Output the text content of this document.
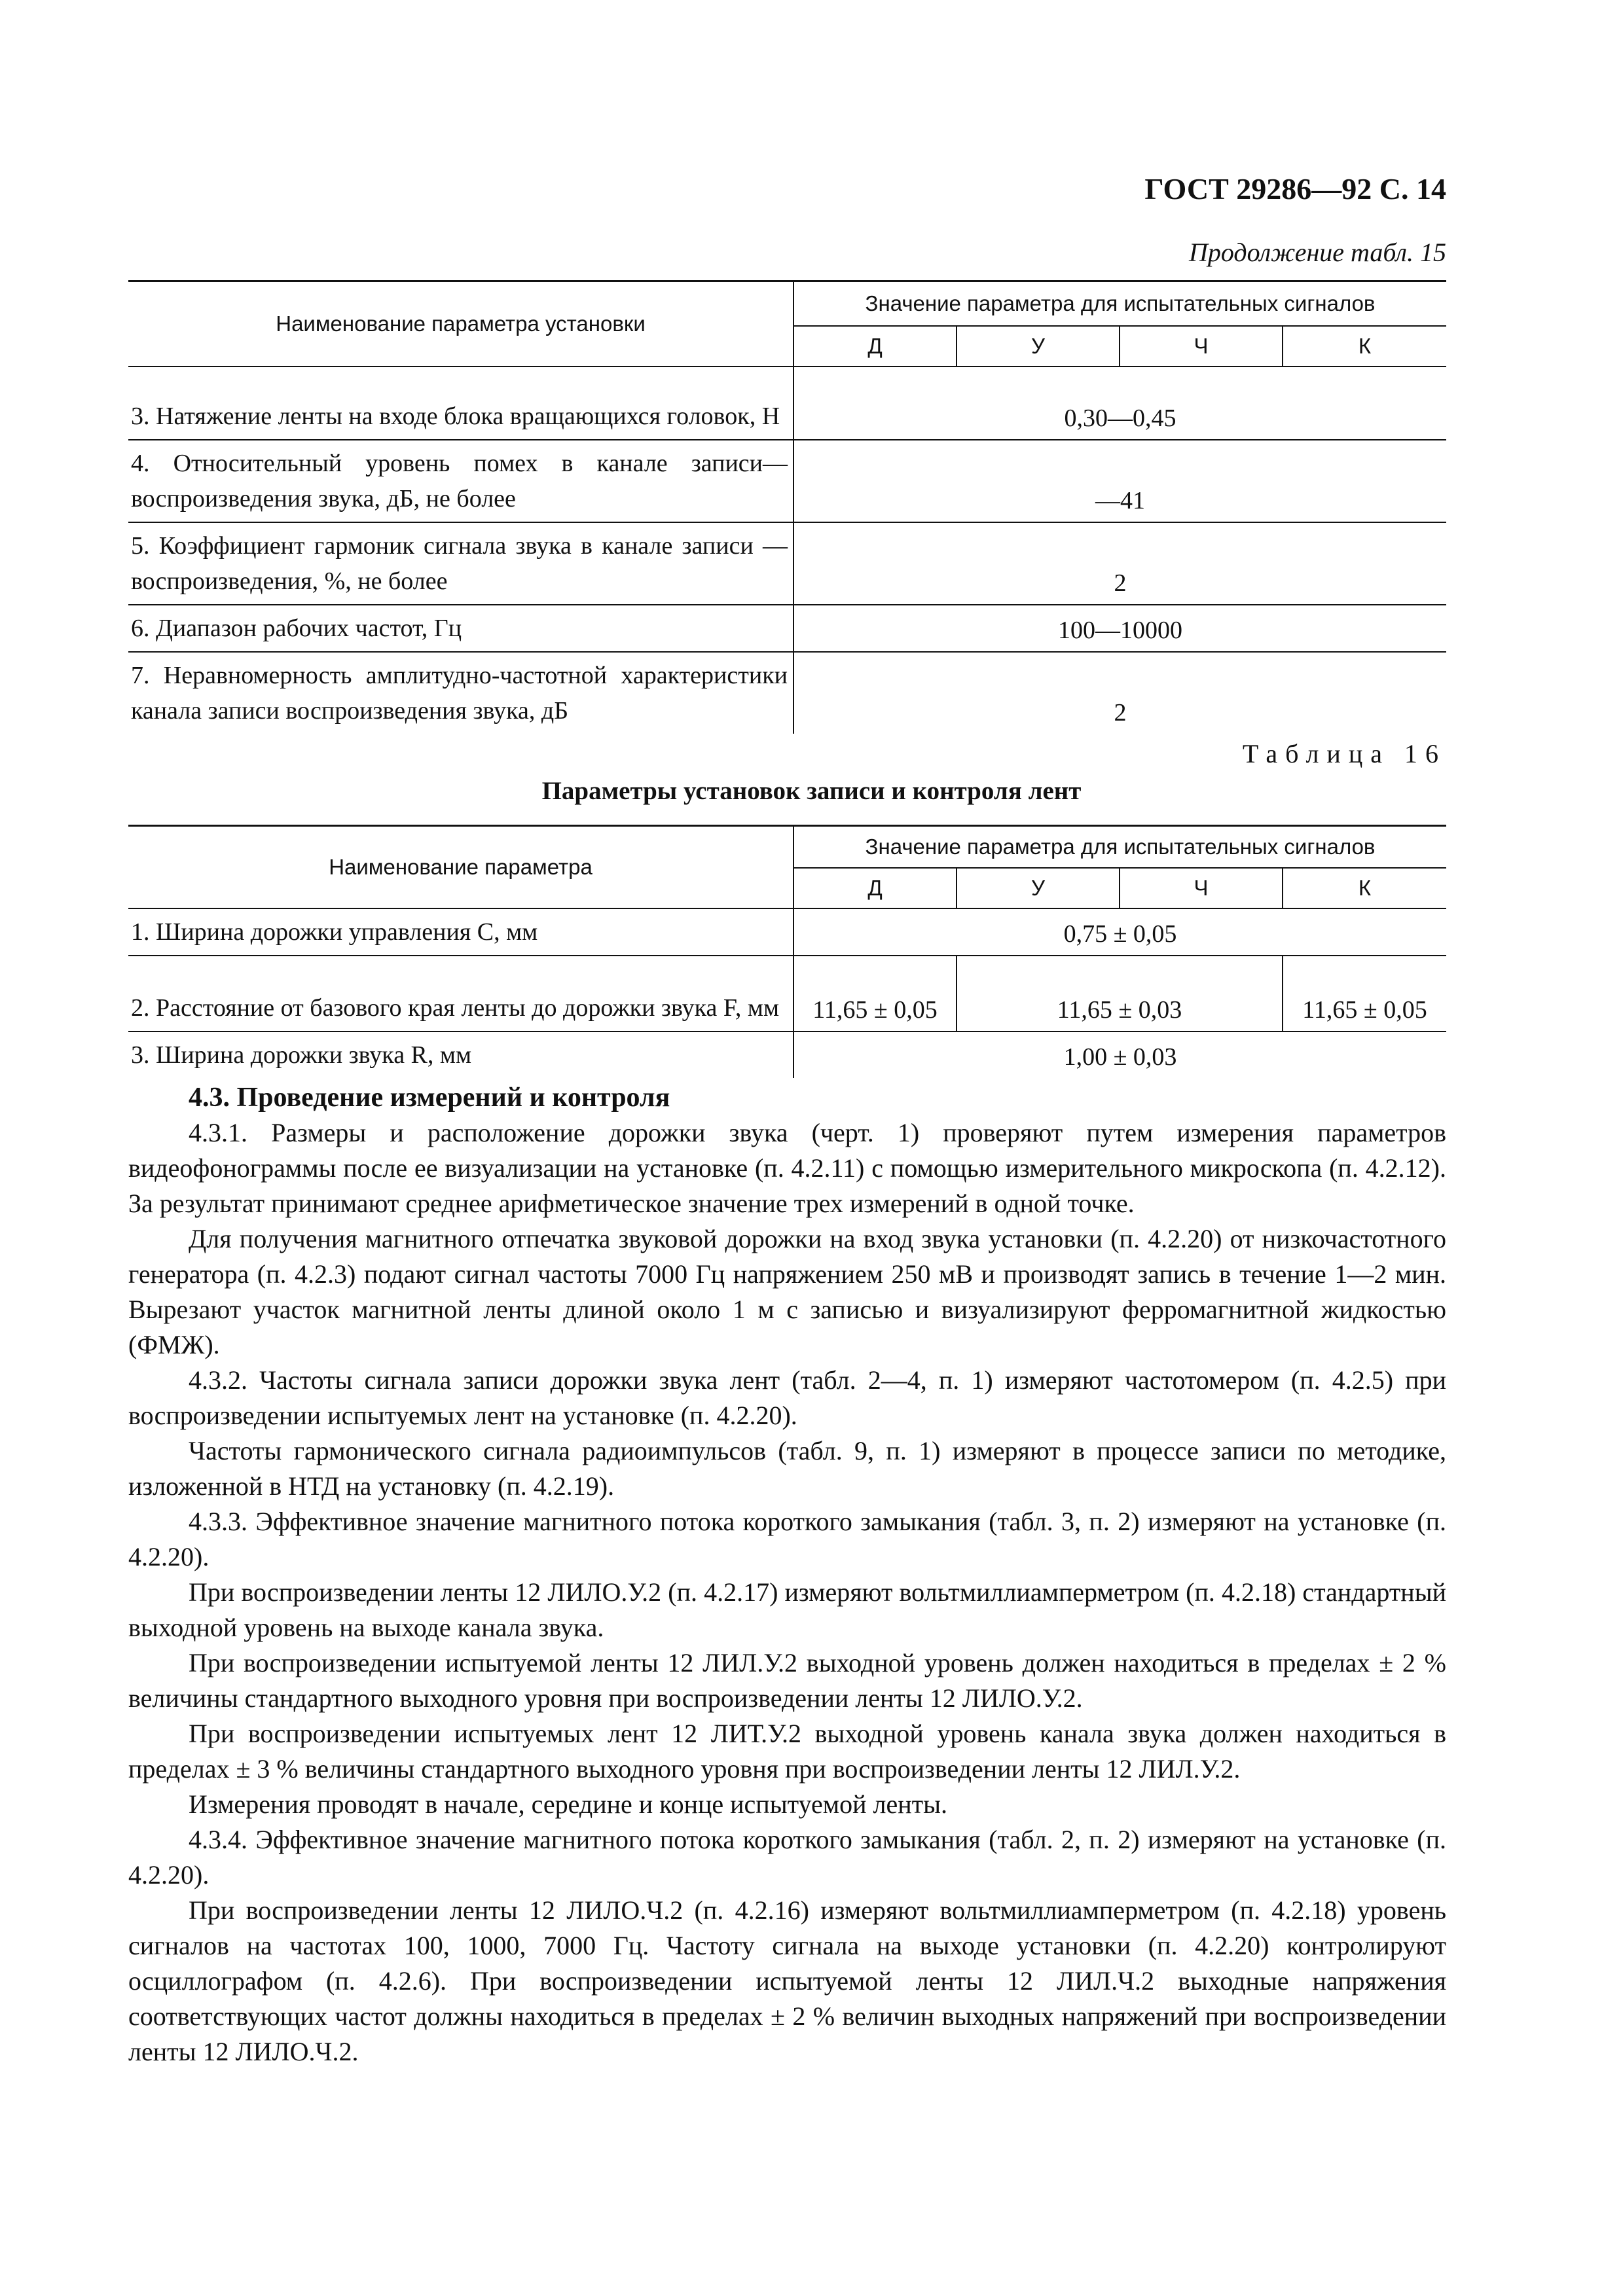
ГОСТ 29286—92 С. 14
Продолжение табл. 15
Наименование параметра установки	Значение параметра для испытательных сигналов			
	Д	У	Ч	К
3. Натяжение ленты на входе блока вращающихся головок, Н	0,30—0,45			
4. Относительный уровень помех в канале записи— воспроизведения звука, дБ, не более	—41			
5. Коэффициент гармоник сигнала звука в канале записи — воспроизведения, %, не более	2			
6. Диапазон рабочих частот, Гц	100—10000			
7. Неравномерность амплитудно-частотной характеристики канала записи воспроизведения звука, дБ	2			
Таблица 16
Параметры установок записи и контроля лент
Наименование параметра	Значение параметра для испытательных сигналов			
	Д	У	Ч	К
1. Ширина дорожки управления С, мм	0,75 ± 0,05			
2. Расстояние от базового края ленты до дорожки звука F, мм	11,65 ± 0,05	11,65 ± 0,03		11,65 ± 0,05
3. Ширина дорожки звука R, мм	1,00 ± 0,03			
4.3. Проведение измерений и контроля

4.3.1. Размеры и расположение дорожки звука (черт. 1) проверяют путем измерения параметров видеофонограммы после ее визуализации на установке (п. 4.2.11) с помощью измерительного микроскопа (п. 4.2.12). За результат принимают среднее арифметическое значение трех измерений в одной точке.

Для получения магнитного отпечатка звуковой дорожки на вход звука установки (п. 4.2.20) от низкочастотного генератора (п. 4.2.3) подают сигнал частоты 7000 Гц напряжением 250 мВ и производят запись в течение 1—2 мин. Вырезают участок магнитной ленты длиной около 1 м с записью и визуализируют ферромагнитной жидкостью (ФМЖ).

4.3.2. Частоты сигнала записи дорожки звука лент (табл. 2—4, п. 1) измеряют частотомером (п. 4.2.5) при воспроизведении испытуемых лент на установке (п. 4.2.20).

Частоты гармонического сигнала радиоимпульсов (табл. 9, п. 1) измеряют в процессе записи по методике, изложенной в НТД на установку (п. 4.2.19).

4.3.3. Эффективное значение магнитного потока короткого замыкания (табл. 3, п. 2) измеряют на установке (п. 4.2.20).

При воспроизведении ленты 12 ЛИЛО.У.2 (п. 4.2.17) измеряют вольтмиллиамперметром (п. 4.2.18) стандартный выходной уровень на выходе канала звука.

При воспроизведении испытуемой ленты 12 ЛИЛ.У.2 выходной уровень должен находиться в пределах ± 2 % величины стандартного выходного уровня при воспроизведении ленты 12 ЛИЛО.У.2.

При воспроизведении испытуемых лент 12 ЛИТ.У.2 выходной уровень канала звука должен находиться в пределах ± 3 % величины стандартного выходного уровня при воспроизведении ленты 12 ЛИЛ.У.2.

Измерения проводят в начале, середине и конце испытуемой ленты.

4.3.4. Эффективное значение магнитного потока короткого замыкания (табл. 2, п. 2) измеряют на установке (п. 4.2.20).

При воспроизведении ленты 12 ЛИЛО.Ч.2 (п. 4.2.16) измеряют вольтмиллиамперметром (п. 4.2.18) уровень сигналов на частотах 100, 1000, 7000 Гц. Частоту сигнала на выходе установки (п. 4.2.20) контролируют осциллографом (п. 4.2.6). При воспроизведении испытуемой ленты 12 ЛИЛ.Ч.2 выходные напряжения соответствующих частот должны находиться в пределах ± 2 % величин выходных напряжений при воспроизведении ленты 12 ЛИЛО.Ч.2.
